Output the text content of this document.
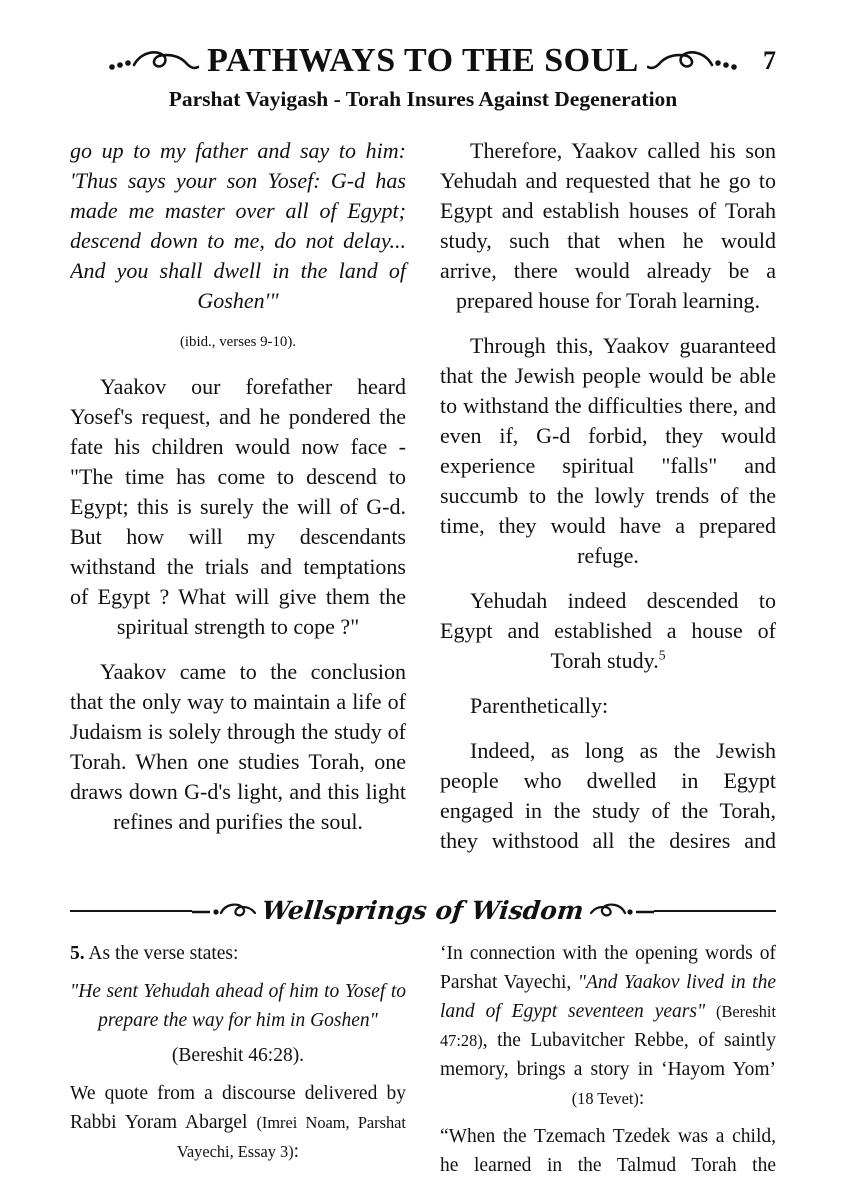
PATHWAYS TO THE SOUL	7
Parshat Vayigash - Torah Insures Against Degeneration

go up to my father and say to him: 'Thus says your son Yosef: G-d has made me master over all of Egypt; descend down to me, do not delay... And you shall dwell in the land of Goshen'"

(ibid., verses 9-10).

Yaakov our forefather heard Yosef's request, and he pondered the fate his children would now face - "The time has come to descend to Egypt; this is surely the will of G-d. But how will my descendants withstand the trials and temptations of Egypt ? What will give them the spiritual strength to cope ?"

Yaakov came to the conclusion that the only way to maintain a life of Judaism is solely through the study of Torah. When one studies Torah, one draws down G-d's light, and this light refines and purifies the soul.

Therefore, Yaakov called his son Yehudah and requested that he go to Egypt and establish houses of Torah study, such that when he would arrive, there would already be a prepared house for Torah learning.

Through this, Yaakov guaranteed that the Jewish people would be able to withstand the difficulties there, and even if, G-d forbid, they would experience spiritual "falls" and succumb to the lowly trends of the time, they would have a prepared refuge.

Yehudah indeed descended to Egypt and established a house of Torah study.$^5$

Parenthetically:

Indeed, as long as the Jewish people who dwelled in Egypt engaged in the study of the Torah, they withstood all the desires and

Wellsprings of Wisdom

5. As the verse states:

"He sent Yehudah ahead of him to Yosef to prepare the way for him in Goshen"

(Bereshit 46:28).

We quote from a discourse delivered by Rabbi Yoram Abargel (Imrei Noam, Parshat Vayechi, Essay 3):

‘In connection with the opening words of Parshat Vayechi, "And Yaakov lived in the land of Egypt seventeen years" (Bereshit 47:28), the Lubavitcher Rebbe, of saintly memory, brings a story in ‘Hayom Yom’ (18 Tevet):

“When the Tzemach Tzedek was a child, he learned in the Talmud Torah the
